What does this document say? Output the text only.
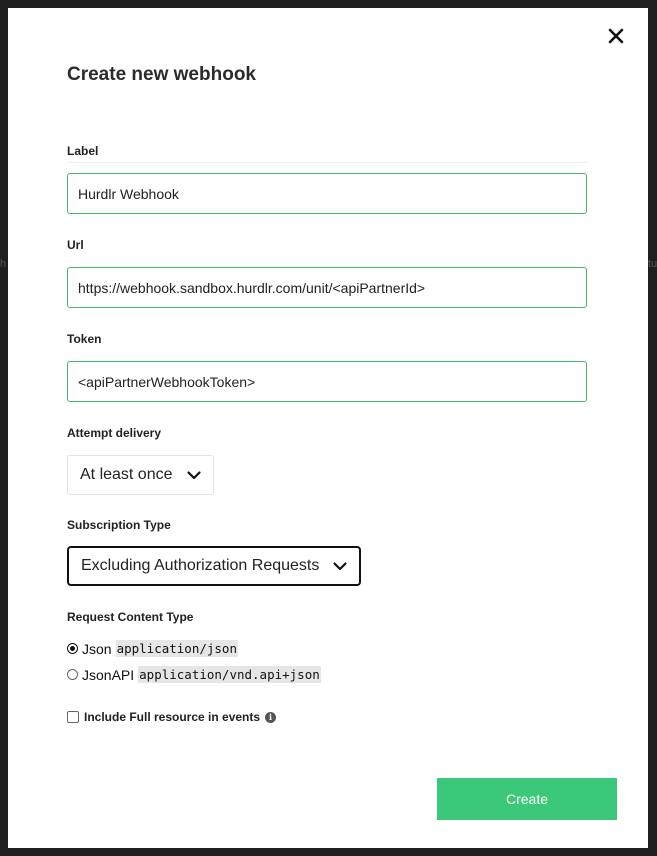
h	tu
Create new webhook
Label
Hurdlr Webhook
Url
https://webhook.sandbox.hurdlr.com/unit/<apiPartnerId>
Token
<apiPartnerWebhookToken>
Attempt delivery
At least once
Subscription Type
Excluding Authorization Requests
Request Content Type
Json application/json
JsonAPI application/vnd.api+json
Include Full resource in events	i
Create
